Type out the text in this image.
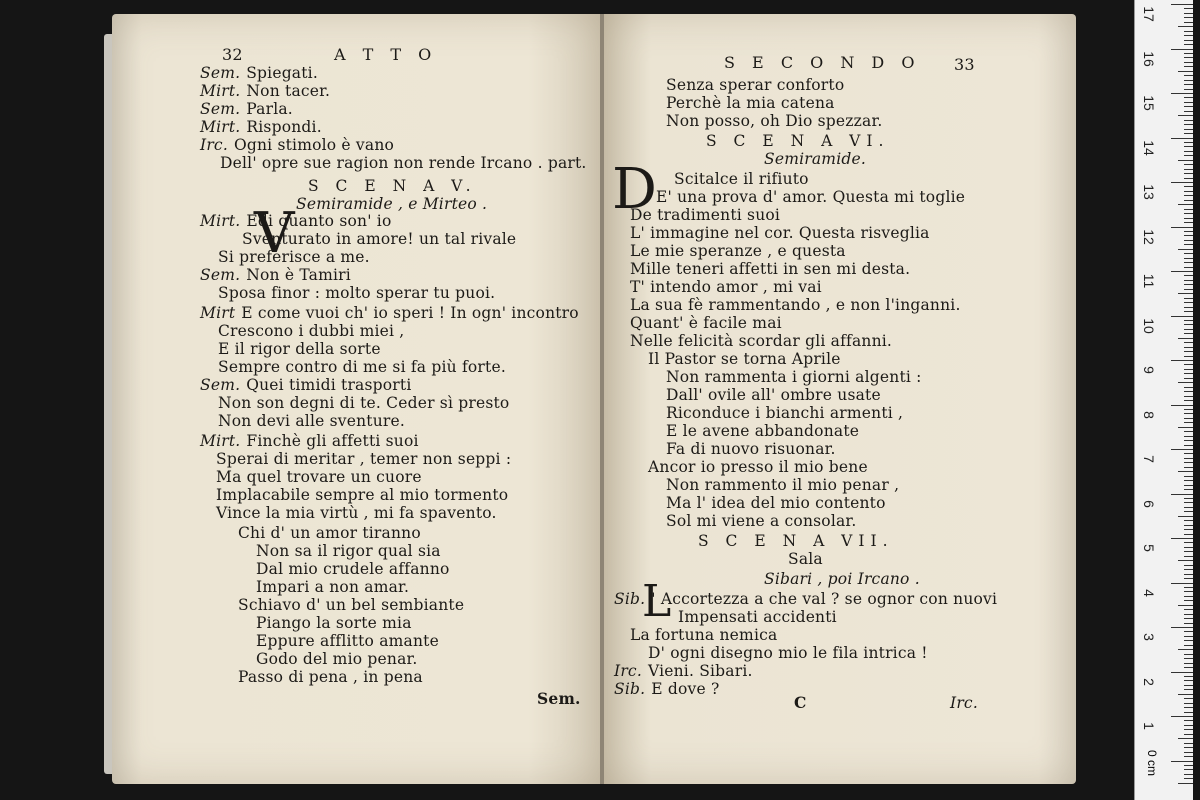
32	A T T O
Sem. Spiegati.
Mirt. Non tacer.
Sem. Parla.
Mirt. Rispondi.
Irc. Ogni stimolo è vano
Dell' opre sue ragion non rende Ircano . part.
S C E N A V.
Semiramide , e Mirteo .
Mirt. Edi quanto son' io
Sventurato in amore! un tal rivale
Si preferisce a me.
Sem. Non è Tamiri
Sposa finor : molto sperar tu puoi.
Mirt E come vuoi ch' io speri ! In ogn' incontro
Crescono i dubbi miei ,
E il rigor della sorte
Sempre contro di me si fa più forte.
Sem. Quei timidi trasporti
Non son degni di te. Ceder sì presto
Non devi alle sventure.
Mirt. Finchè gli affetti suoi
Sperai di meritar , temer non seppi :
Ma quel trovare un cuore
Implacabile sempre al mio tormento
Vince la mia virtù , mi fa spavento.
Chi d' un amor tiranno
Non sa il rigor qual sia
Dal mio crudele affanno
Impari a non amar.
Schiavo d' un bel sembiante
Piango la sorte mia
Eppure afflitto amante
Godo del mio penar.
Passo di pena , in pena
V
Sem.
S E C O N D O 33
Senza sperar conforto
Perchè la mia catena
Non posso, oh Dio spezzar.
S C E N A VI.
Semiramide.
Scitalce il rifiuto
E' una prova d' amor. Questa mi toglie
De tradimenti suoi
L' immagine nel cor. Questa risveglia
Le mie speranze , e questa
Mille teneri affetti in sen mi desta.
T' intendo amor , mi vai
La sua fè rammentando , e non l'inganni.
Quant' è facile mai
Nelle felicità scordar gli affanni.
Il Pastor se torna Aprile
Non rammenta i giorni algenti :
Dall' ovile all' ombre usate
Riconduce i bianchi armenti ,
E le avene abbandonate
Fa di nuovo risuonar.
Ancor io presso il mio bene
Non rammento il mio penar ,
Ma l' idea del mio contento
Sol mi viene a consolar.
S C E N A VII.
Sala
Sibari , poi Ircano .
Sib. ' Accortezza a che val ? se ognor con nuovi
Impensati accidenti
La fortuna nemica
D' ogni disegno mio le fila intrica !
Irc. Vieni. Sibari.
Sib. E dove ?
D
L
C	Irc.
0 cm
17
16
15
14
13
12
11
10
9
8
7
6
5
4
3
2
1
